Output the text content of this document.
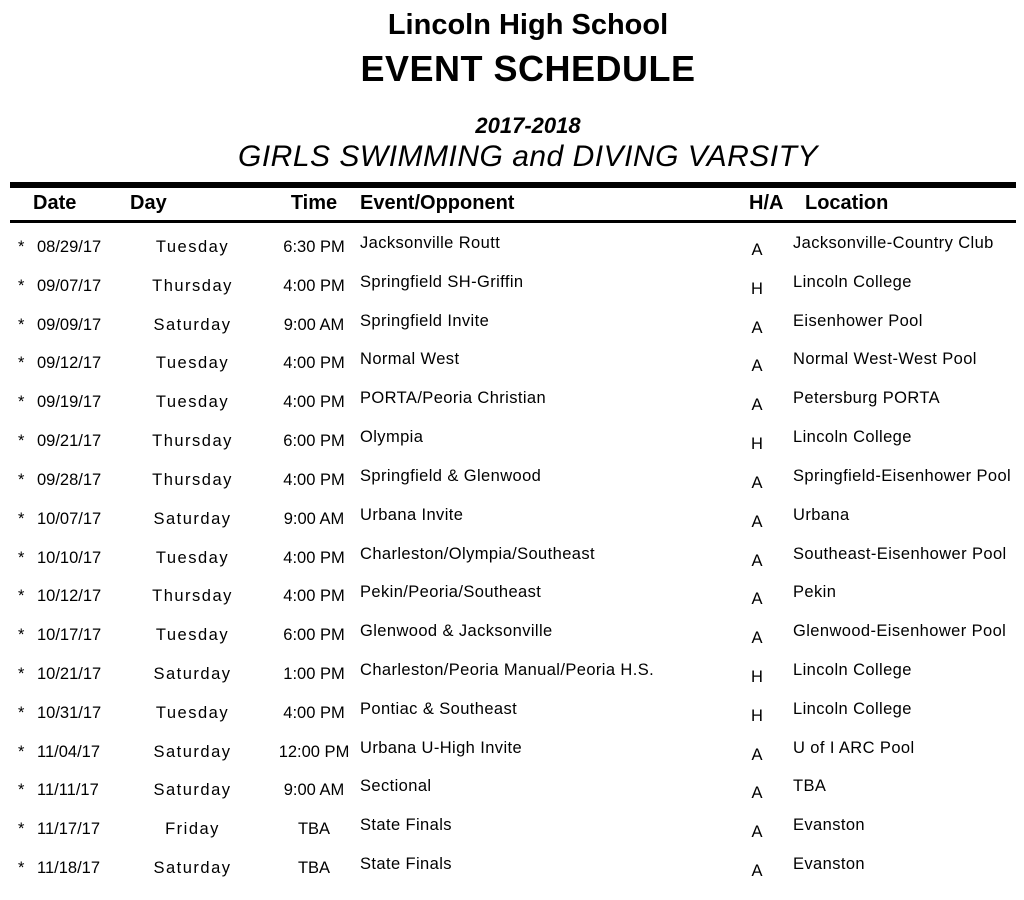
Lincoln High School
EVENT SCHEDULE
2017-2018
GIRLS SWIMMING and DIVING VARSITY
Date	Day	Time	Event/Opponent	H/A	Location
* 08/29/17	Tuesday	6:30 PM Jacksonville Routt	A	Jacksonville-Country Club
* 09/07/17	Thursday	4:00 PM Springfield SH-Griffin	H	Lincoln College
* 09/09/17	Saturday	9:00 AM Springfield Invite	A	Eisenhower Pool
* 09/12/17	Tuesday	4:00 PM Normal West	A	Normal West-West Pool
* 09/19/17	Tuesday	4:00 PM PORTA/Peoria Christian	A	Petersburg PORTA
* 09/21/17	Thursday	6:00 PM Olympia	H	Lincoln College
* 09/28/17	Thursday	4:00 PM Springfield & Glenwood	A	Springfield-Eisenhower Pool
* 10/07/17	Saturday	9:00 AM Urbana Invite	A	Urbana
* 10/10/17	Tuesday	4:00 PM Charleston/Olympia/Southeast	A	Southeast-Eisenhower Pool
* 10/12/17	Thursday	4:00 PM Pekin/Peoria/Southeast	A	Pekin
* 10/17/17	Tuesday	6:00 PM Glenwood & Jacksonville	A	Glenwood-Eisenhower Pool
* 10/21/17	Saturday	1:00 PM Charleston/Peoria Manual/Peoria H.S.	H	Lincoln College
* 10/31/17	Tuesday	4:00 PM Pontiac & Southeast	H	Lincoln College
* 11/04/17	Saturday	12:00 PM Urbana U-High Invite	A	U of I ARC Pool
* 11/11/17	Saturday	9:00 AM Sectional	A	TBA
* 11/17/17	Friday	TBA	State Finals	A	Evanston
* 11/18/17	Saturday	TBA	State Finals	A	Evanston
